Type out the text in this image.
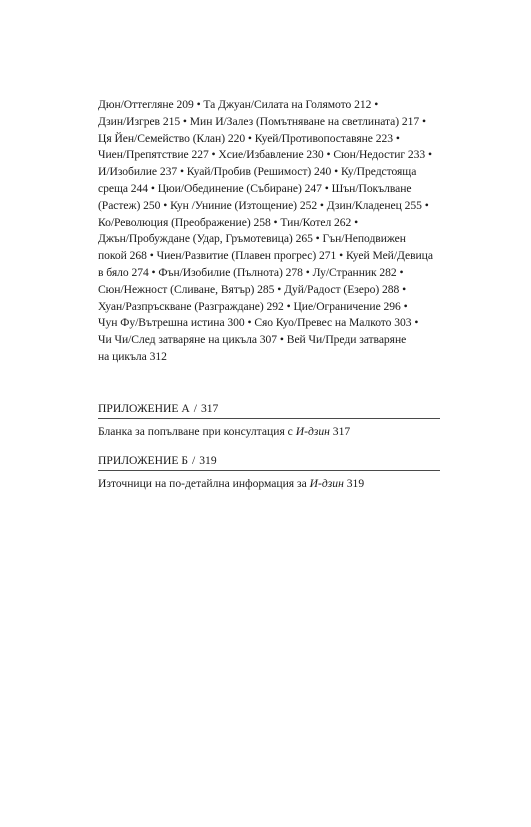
Дюн/Оттегляне 209 • Та Джуан/Силата на Голямото 212 •
Дзин/Изгрев 215 • Мин И/Залез (Помътняване на светлината) 217 •
Ця Йен/Семейство (Клан) 220 • Куей/Противопоставяне 223 •
Чиен/Препятствие 227 • Хсие/Избавление 230 • Сюн/Недостиг 233 •
И/Изобилие 237 • Куай/Пробив (Решимост) 240 • Ку/Предстояща
среща 244 • Цюи/Обединение (Събиране) 247 • Шън/Покълване
(Растеж) 250 • Кун /Униние (Изтощение) 252 • Дзин/Кладенец 255 •
Ко/Революция (Преображение) 258 • Тин/Котел 262 •
Джън/Пробуждане (Удар, Гръмотевица) 265 • Гън/Неподвижен
покой 268 • Чиен/Развитие (Плавен прогрес) 271 • Куей Мей/Девица
в бяло 274 • Фън/Изобилие (Пълнота) 278 • Лу/Странник 282 •
Сюн/Нежност (Сливане, Вятър) 285 • Дуй/Радост (Езеро) 288 •
Хуан/Разпръскване (Разграждане) 292 • Цие/Ограничение 296 •
Чун Фу/Вътрешна истина 300 • Сяо Куо/Превес на Малкото 303 •
Чи Чи/След затваряне на цикъла 307 • Вей Чи/Преди затваряне
на цикъла 312
ПРИЛОЖЕНИЕ А / 317
Бланка за попълване при консултация с И-дзин 317
ПРИЛОЖЕНИЕ Б / 319
Източници на по-детайлна информация за И-дзин 319
